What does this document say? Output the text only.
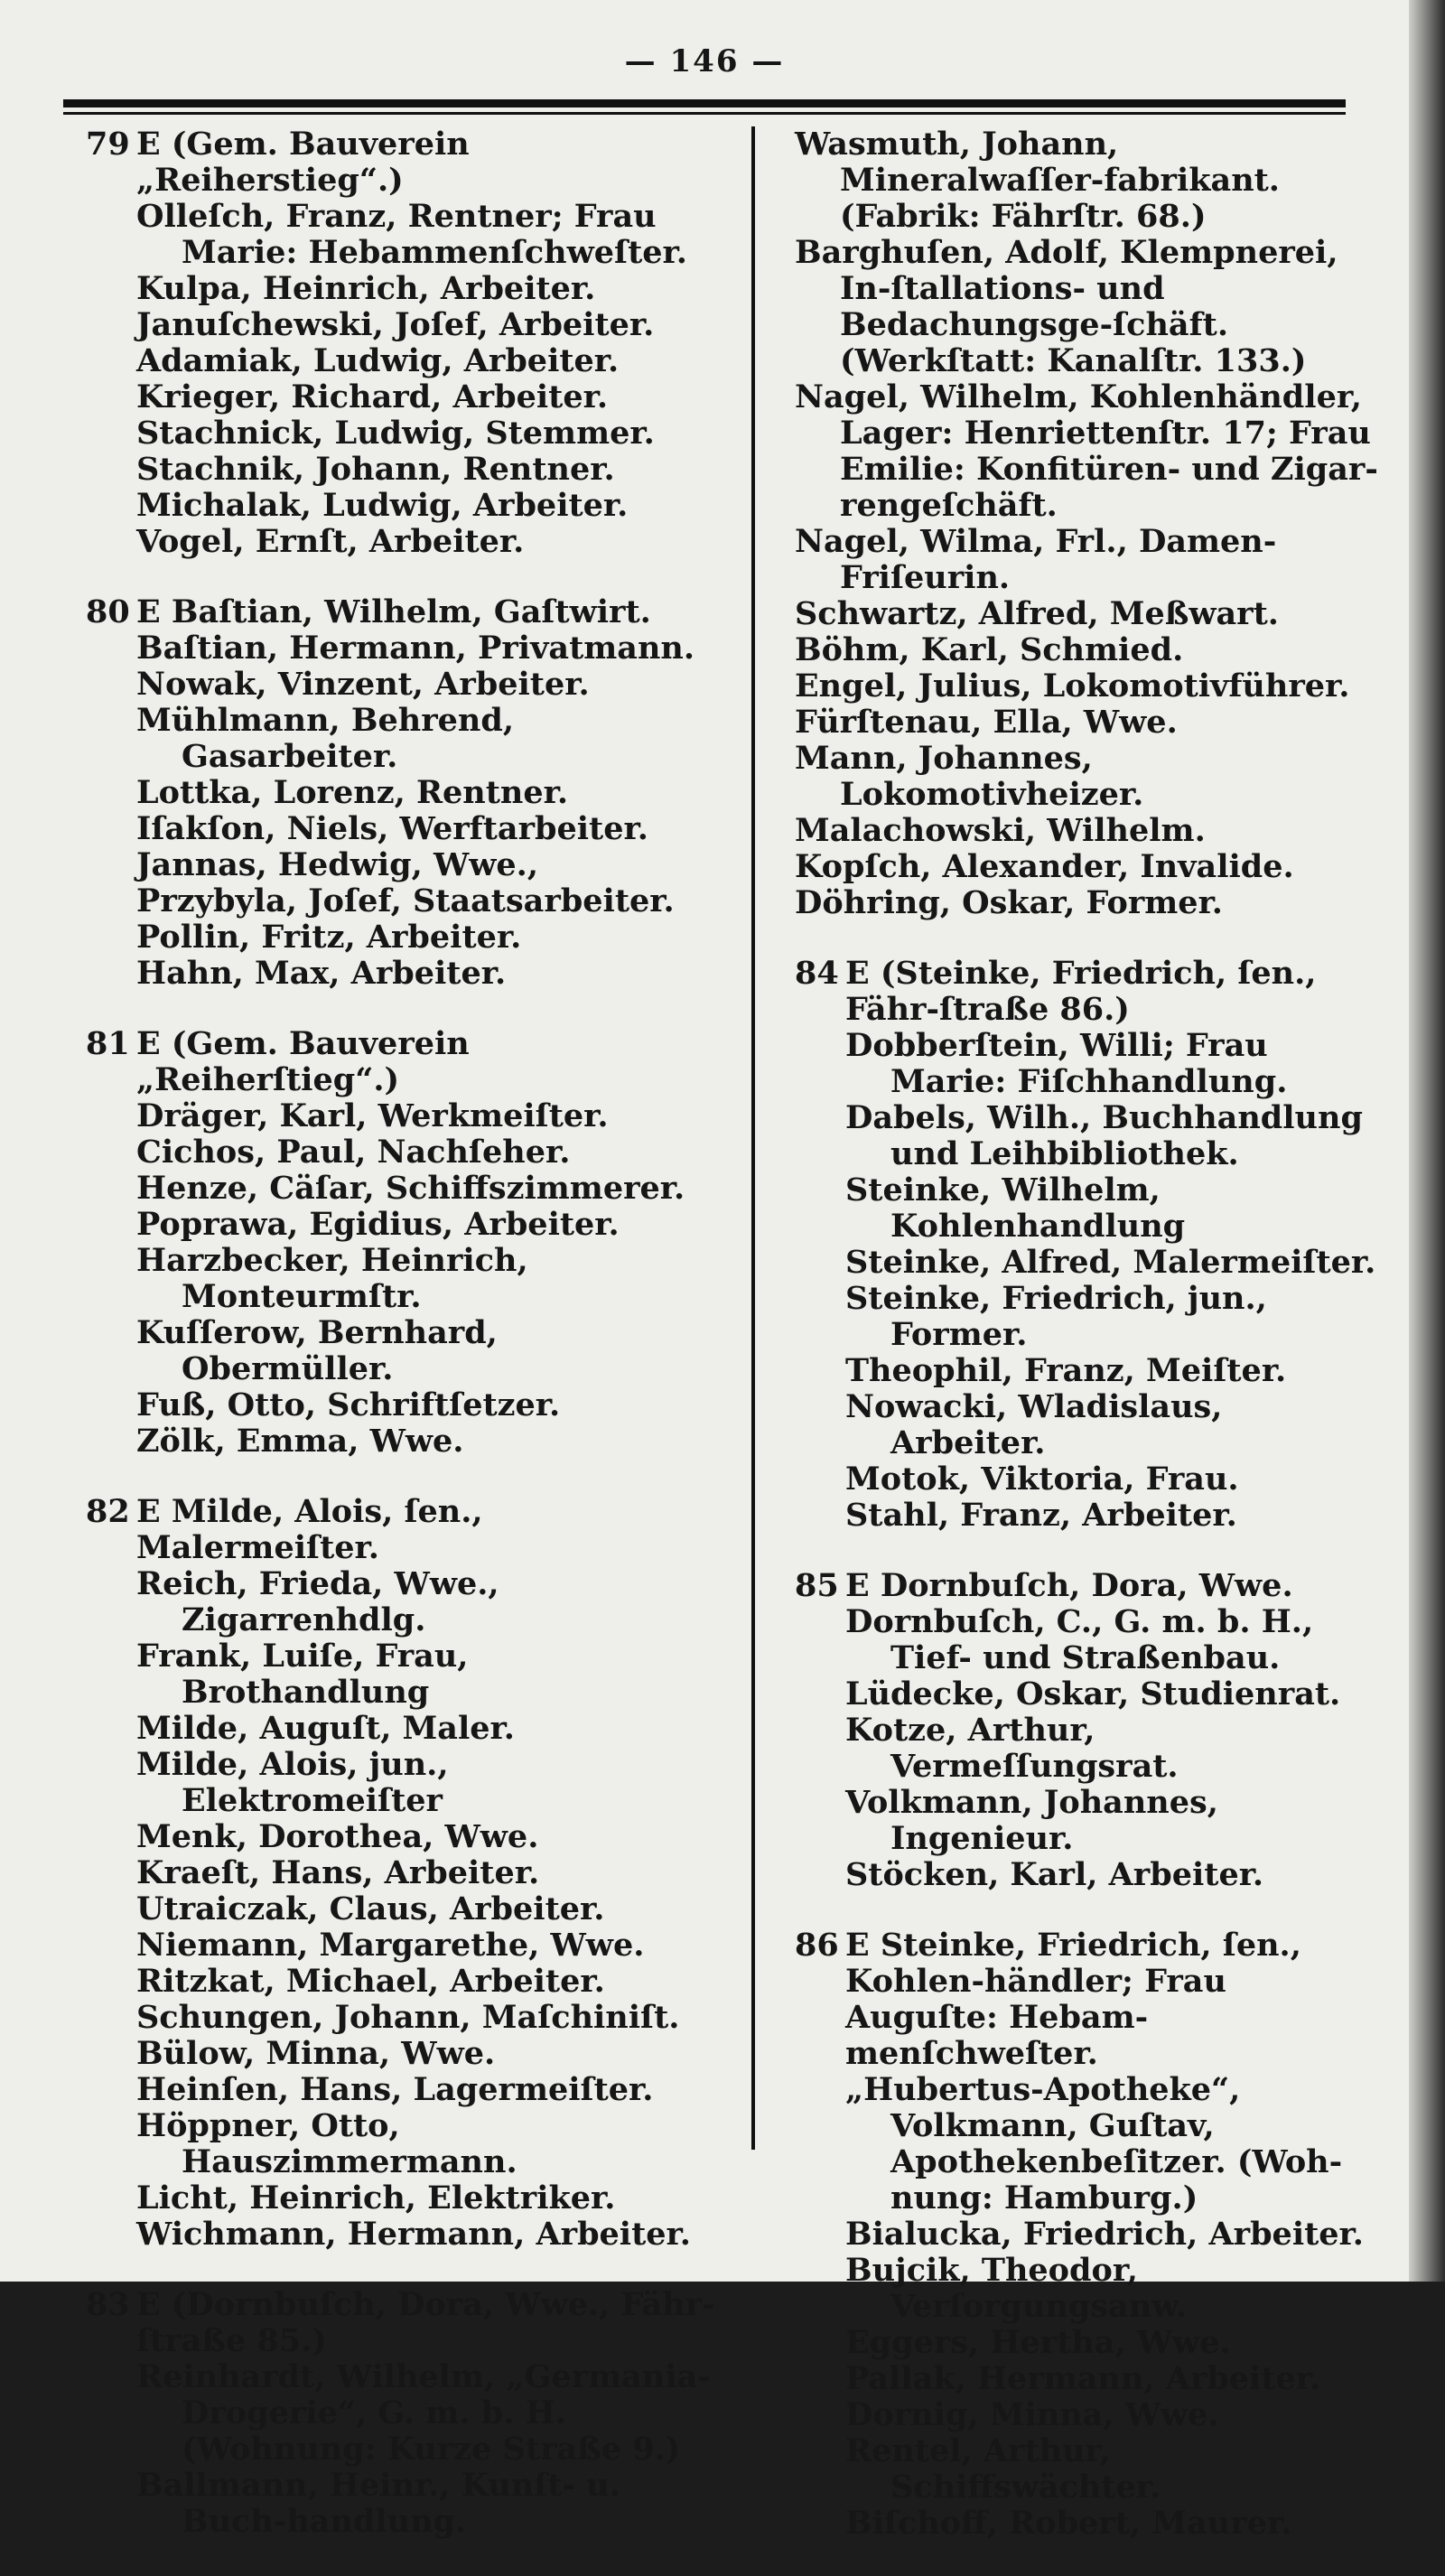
— 146 —
79 E (Gem. Bauverein „Reiherstieg“.)
Olleſch, Franz, Rentner; Frau Marie: Hebammenſchweſter.
Kulpa, Heinrich, Arbeiter.
Januſchewski, Joſef, Arbeiter.
Adamiak, Ludwig, Arbeiter.
Krieger, Richard, Arbeiter.
Stachnick, Ludwig, Stemmer.
Stachnik, Johann, Rentner.
Michalak, Ludwig, Arbeiter.
Vogel, Ernſt, Arbeiter.
80 E Baſtian, Wilhelm, Gaſtwirt.
Baſtian, Hermann, Privatmann.
Nowak, Vinzent, Arbeiter.
Mühlmann, Behrend, Gasarbeiter.
Lottka, Lorenz, Rentner.
Iſakſon, Niels, Werftarbeiter.
Jannas, Hedwig, Wwe.,
Przybyla, Joſef, Staatsarbeiter.
Pollin, Fritz, Arbeiter.
Hahn, Max, Arbeiter.
81 E (Gem. Bauverein „Reiherſtieg“.)
Dräger, Karl, Werkmeiſter.
Cichos, Paul, Nachſeher.
Henze, Cäſar, Schiffszimmerer.
Poprawa, Egidius, Arbeiter.
Harzbecker, Heinrich, Monteurmſtr.
Kuſſerow, Bernhard, Obermüller.
Fuß, Otto, Schriftſetzer.
Zölk, Emma, Wwe.
82 E Milde, Alois, ſen., Malermeiſter.
Reich, Frieda, Wwe., Zigarrenhdlg.
Frank, Luiſe, Frau, Brothandlung
Milde, Auguſt, Maler.
Milde, Alois, jun., Elektromeiſter
Menk, Dorothea, Wwe.
Kraeſt, Hans, Arbeiter.
Utraiczak, Claus, Arbeiter.
Niemann, Margarethe, Wwe.
Ritzkat, Michael, Arbeiter.
Schungen, Johann, Maſchiniſt.
Bülow, Minna, Wwe.
Heinſen, Hans, Lagermeiſter.
Höppner, Otto, Hauszimmermann.
Licht, Heinrich, Elektriker.
Wichmann, Hermann, Arbeiter.
83 E (Dornbuſch, Dora, Wwe., Fähr-ſtraße 85.)
Reinhardt, Wilhelm, „Germania-Drogerie“, G. m. b. H. (Wohnung: Kurze Straße 9.)
Ballmann, Heinr., Kunſt- u. Buch-handlung.
Wasmuth, Johann, Mineralwaſſer-fabrikant. (Fabrik: Fährſtr. 68.)
Barghuſen, Adolf, Klempnerei, In-ſtallations- und Bedachungsge-ſchäft. (Werkſtatt: Kanalſtr. 133.)
Nagel, Wilhelm, Kohlenhändler, Lager: Henriettenſtr. 17; Frau Emilie: Konfitüren- und Zigar-rengeſchäft.
Nagel, Wilma, Frl., Damen-Friſeurin.
Schwartz, Alfred, Meßwart.
Böhm, Karl, Schmied.
Engel, Julius, Lokomotivführer.
Fürſtenau, Ella, Wwe.
Mann, Johannes, Lokomotivheizer.
Malachowski, Wilhelm.
Kopſch, Alexander, Invalide.
Döhring, Oskar, Former.
84 E (Steinke, Friedrich, ſen., Fähr-ſtraße 86.)
Dobberſtein, Willi; Frau Marie: Fiſchhandlung.
Dabels, Wilh., Buchhandlung und Leihbibliothek.
Steinke, Wilhelm, Kohlenhandlung
Steinke, Alfred, Malermeiſter.
Steinke, Friedrich, jun., Former.
Theophil, Franz, Meiſter.
Nowacki, Wladislaus, Arbeiter.
Motok, Viktoria, Frau.
Stahl, Franz, Arbeiter.
85 E Dornbuſch, Dora, Wwe.
Dornbuſch, C., G. m. b. H., Tief- und Straßenbau.
Lüdecke, Oskar, Studienrat.
Kotze, Arthur, Vermeſſungsrat.
Volkmann, Johannes, Ingenieur.
Stöcken, Karl, Arbeiter.
86 E Steinke, Friedrich, ſen., Kohlen-händler; Frau Auguſte: Hebam-menſchweſter.
„Hubertus-Apotheke“, Volkmann, Guſtav, Apothekenbeſitzer. (Woh-nung: Hamburg.)
Bialucka, Friedrich, Arbeiter.
Bujcik, Theodor, Verſorgungsanw.
Eggers, Hertha, Wwe.
Pallak, Hermann, Arbeiter.
Dornig, Minna, Wwe.
Rentel, Arthur, Schiffswächter.
Biſchoff, Robert, Maurer.
